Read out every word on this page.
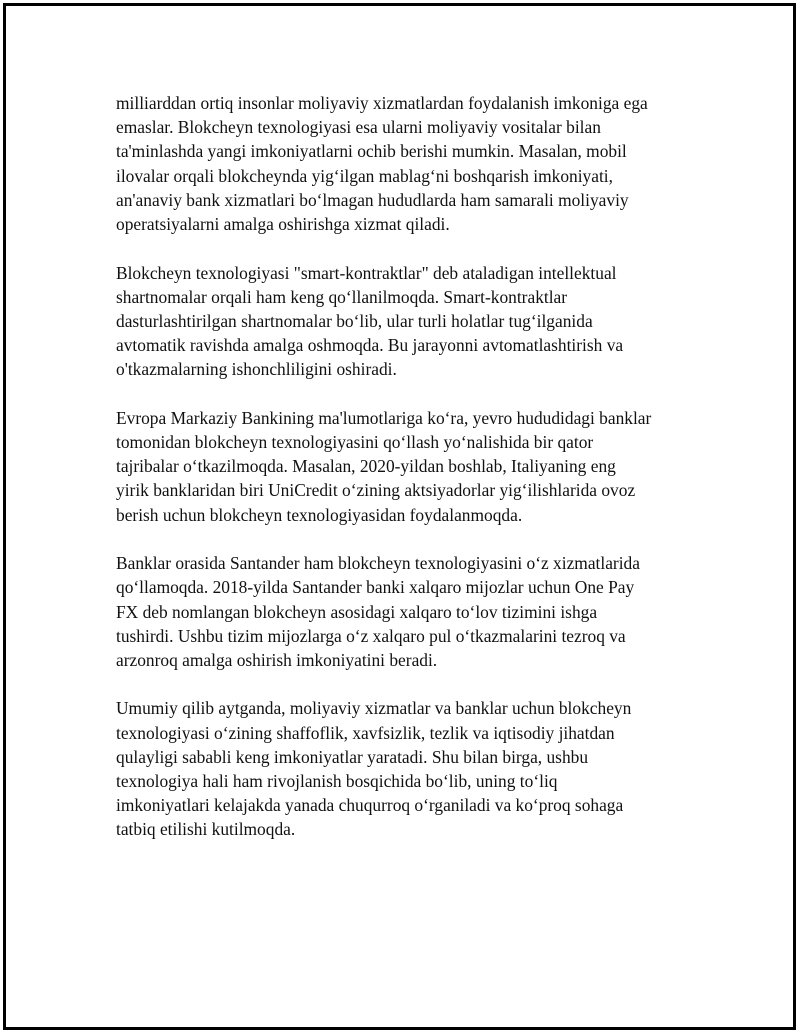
milliarddan ortiq insonlar moliyaviy xizmatlardan foydalanish imkoniga ega
emaslar. Blokcheyn texnologiyasi esa ularni moliyaviy vositalar bilan
ta'minlashda yangi imkoniyatlarni ochib berishi mumkin. Masalan, mobil
ilovalar orqali blokcheynda yig‘ilgan mablag‘ni boshqarish imkoniyati,
an'anaviy bank xizmatlari bo‘lmagan hududlarda ham samarali moliyaviy
operatsiyalarni amalga oshirishga xizmat qiladi.

Blokcheyn texnologiyasi "smart-kontraktlar" deb ataladigan intellektual
shartnomalar orqali ham keng qo‘llanilmoqda. Smart-kontraktlar
dasturlashtirilgan shartnomalar bo‘lib, ular turli holatlar tug‘ilganida
avtomatik ravishda amalga oshmoqda. Bu jarayonni avtomatlashtirish va
o'tkazmalarning ishonchliligini oshiradi.

Evropa Markaziy Bankining ma'lumotlariga ko‘ra, yevro hududidagi banklar
tomonidan blokcheyn texnologiyasini qo‘llash yo‘nalishida bir qator
tajribalar o‘tkazilmoqda. Masalan, 2020-yildan boshlab, Italiyaning eng
yirik banklaridan biri UniCredit o‘zining aktsiyadorlar yig‘ilishlarida ovoz
berish uchun blokcheyn texnologiyasidan foydalanmoqda.

Banklar orasida Santander ham blokcheyn texnologiyasini o‘z xizmatlarida
qo‘llamoqda. 2018-yilda Santander banki xalqaro mijozlar uchun One Pay
FX deb nomlangan blokcheyn asosidagi xalqaro to‘lov tizimini ishga
tushirdi. Ushbu tizim mijozlarga o‘z xalqaro pul o‘tkazmalarini tezroq va
arzonroq amalga oshirish imkoniyatini beradi.

Umumiy qilib aytganda, moliyaviy xizmatlar va banklar uchun blokcheyn
texnologiyasi o‘zining shaffoflik, xavfsizlik, tezlik va iqtisodiy jihatdan
qulayligi sababli keng imkoniyatlar yaratadi. Shu bilan birga, ushbu
texnologiya hali ham rivojlanish bosqichida bo‘lib, uning to‘liq
imkoniyatlari kelajakda yanada chuqurroq o‘rganiladi va ko‘proq sohaga
tatbiq etilishi kutilmoqda.
